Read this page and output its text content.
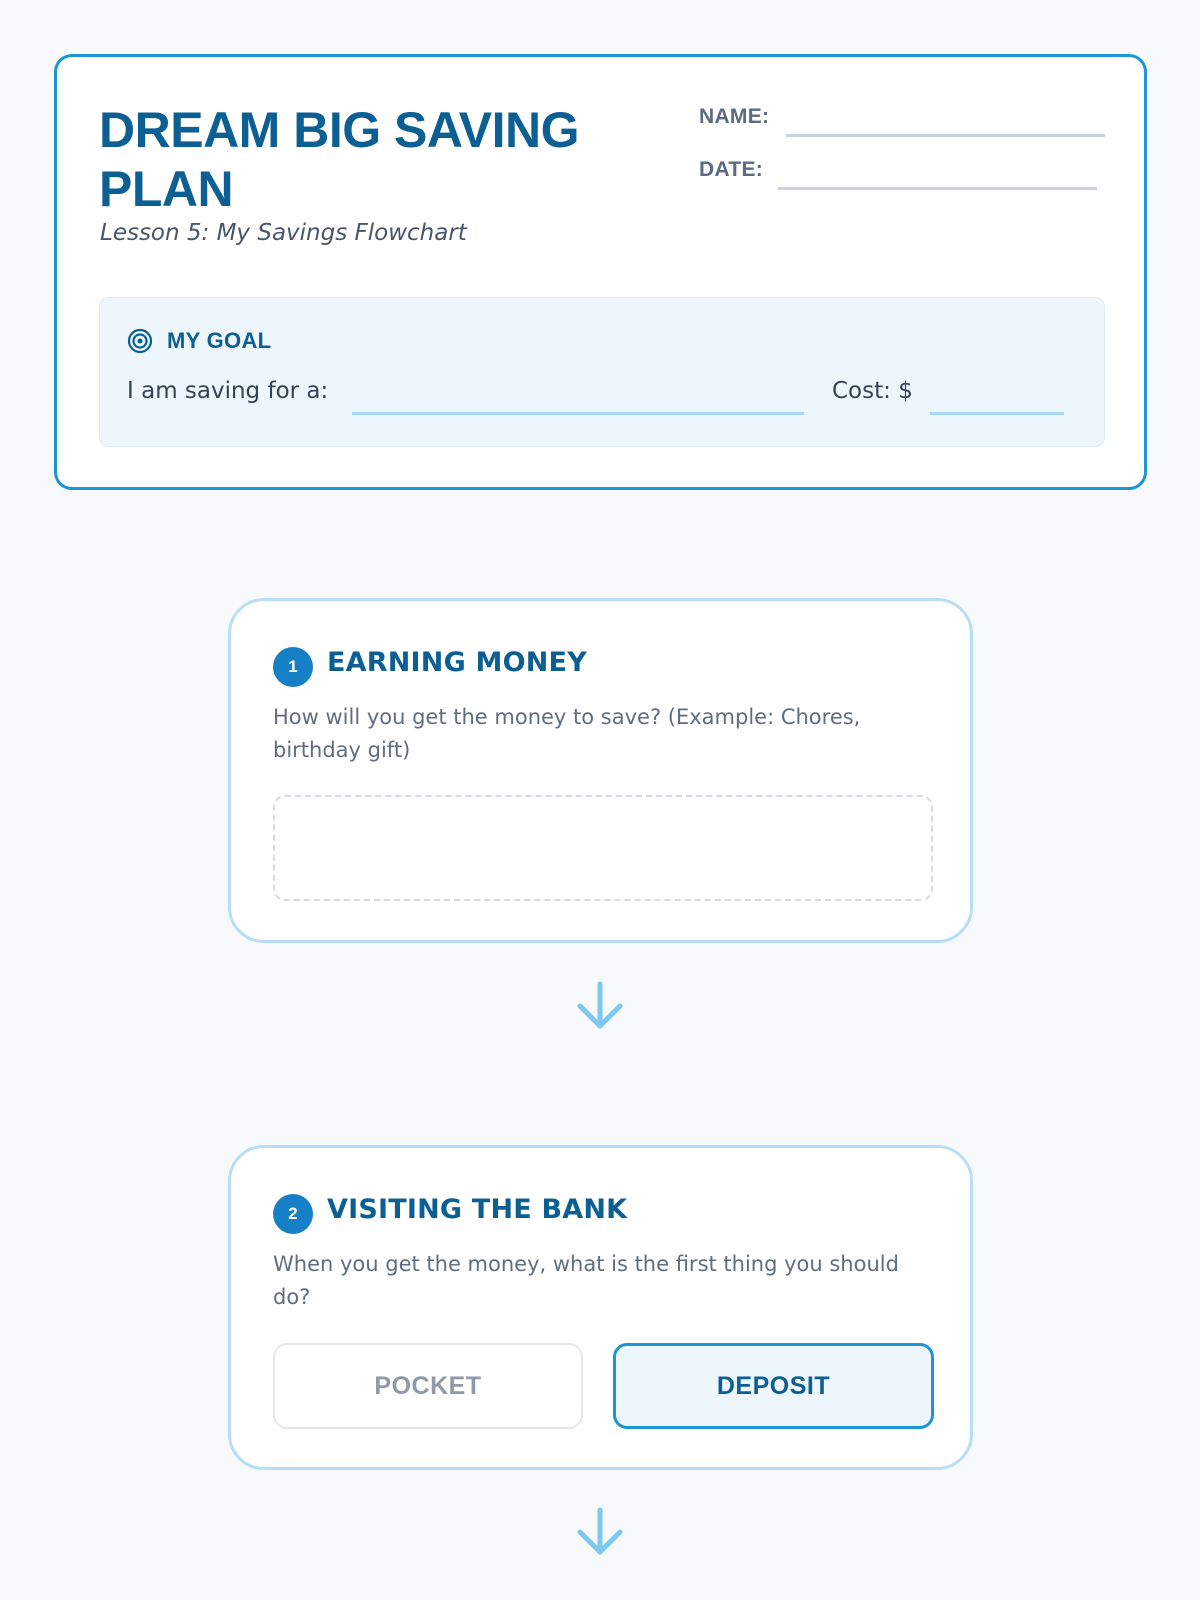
DREAM BIG SAVING PLAN
Lesson 5: My Savings Flowchart
NAME:
DATE:
MY GOAL
I am saving for a:	Cost: $
1	EARNING MONEY
How will you get the money to save? (Example: Chores, birthday gift)
2	VISITING THE BANK
When you get the money, what is the first thing you should do?
POCKET	DEPOSIT
